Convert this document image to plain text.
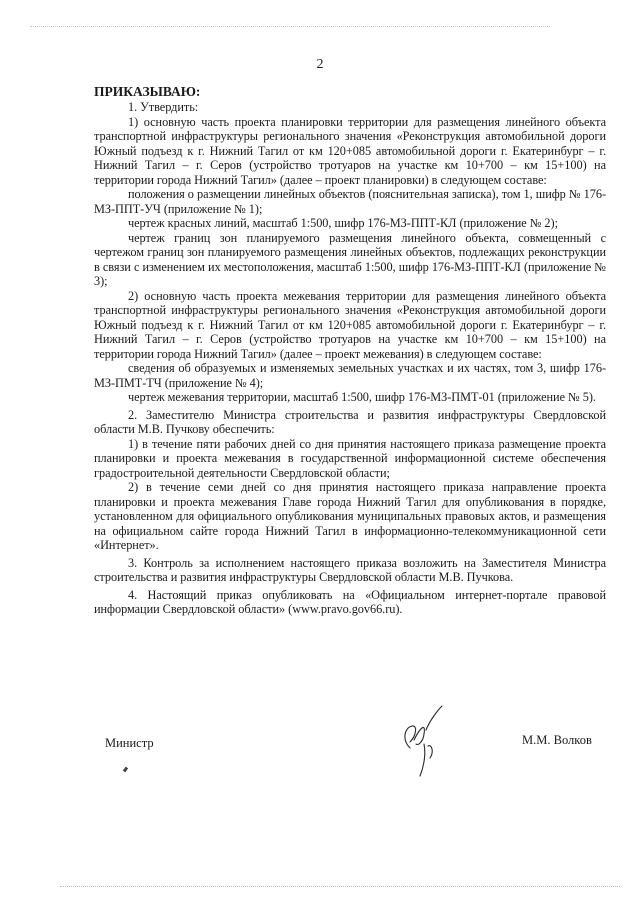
2
ПРИКАЗЫВАЮ:

1. Утвердить:

1) основную часть проекта планировки территории для размещения линейного объекта транспортной инфраструктуры регионального значения «Реконструкция автомобильной дороги Южный подъезд к г. Нижний Тагил от км 120+085 автомобильной дороги г. Екатеринбург – г. Нижний Тагил – г. Серов (устройство тротуаров на участке км 10+700 – км 15+100) на территории города Нижний Тагил» (далее – проект планировки) в следующем составе:

положения о размещении линейных объектов (пояснительная записка), том 1, шифр № 176-МЗ-ППТ-УЧ (приложение № 1);

чертеж красных линий, масштаб 1:500, шифр 176-МЗ-ППТ-КЛ (приложение № 2);

чертеж границ зон планируемого размещения линейного объекта, совмещенный с чертежом границ зон планируемого размещения линейных объектов, подлежащих реконструкции в связи с изменением их местоположения, масштаб 1:500, шифр 176-МЗ-ППТ-КЛ (приложение № 3);

2) основную часть проекта межевания территории для размещения линейного объекта транспортной инфраструктуры регионального значения «Реконструкция автомобильной дороги Южный подъезд к г. Нижний Тагил от км 120+085 автомобильной дороги г. Екатеринбург – г. Нижний Тагил – г. Серов (устройство тротуаров на участке км 10+700 – км 15+100) на территории города Нижний Тагил» (далее – проект межевания) в следующем составе:

сведения об образуемых и изменяемых земельных участках и их частях, том 3, шифр 176-МЗ-ПМТ-ТЧ (приложение № 4);

чертеж межевания территории, масштаб 1:500, шифр 176-МЗ-ПМТ-01 (приложение № 5).

2. Заместителю Министра строительства и развития инфраструктуры Свердловской области М.В. Пучкову обеспечить:

1) в течение пяти рабочих дней со дня принятия настоящего приказа размещение проекта планировки и проекта межевания в государственной информационной системе обеспечения градостроительной деятельности Свердловской области;

2) в течение семи дней со дня принятия настоящего приказа направление проекта планировки и проекта межевания Главе города Нижний Тагил для опубликования в порядке, установленном для официального опубликования муниципальных правовых актов, и размещения на официальном сайте города Нижний Тагил в информационно-телекоммуникационной сети «Интернет».

3. Контроль за исполнением настоящего приказа возложить на Заместителя Министра строительства и развития инфраструктуры Свердловской области М.В. Пучкова.

4. Настоящий приказ опубликовать на «Официальном интернет-портале правовой информации Свердловской области» (www.pravo.gov66.ru).

Министр	М.М. Волков
